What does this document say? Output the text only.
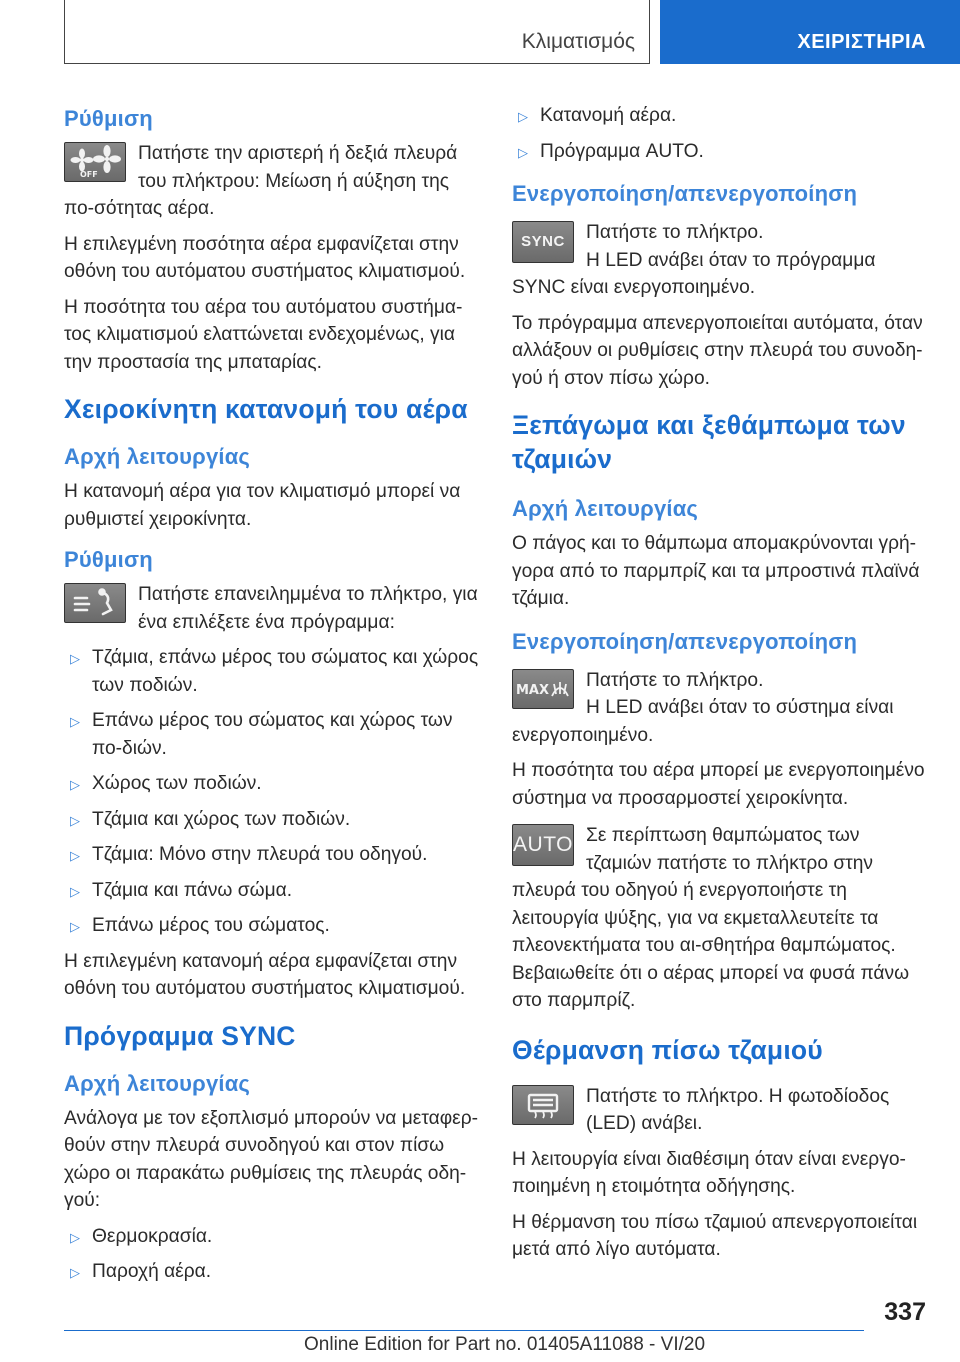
Κλιματισμός	ΧΕΙΡΙΣΤΗΡΙΑ
Ρύθμιση
OFF
Πατήστε την αριστερή ή δεξιά πλευρά του πλήκτρου: Μείωση ή αύξηση της πο-σότητας αέρα.

Η επιλεγμένη ποσότητα αέρα εμφανίζεται στην οθόνη του αυτόματου συστήματος κλιματισμού.

Η ποσότητα του αέρα του αυτόματου συστήμα-τος κλιματισμού ελαττώνεται ενδεχομένως, για την προστασία της μπαταρίας.

Χειροκίνητη κατανομή του αέρα
Αρχή λειτουργίας

Η κατανομή αέρα για τον κλιματισμό μπορεί να ρυθμιστεί χειροκίνητα.

Ρύθμιση
Πατήστε επανειλημμένα το πλήκτρο, για ένα επιλέξετε ένα πρόγραμμα:
▷ Τζάμια, επάνω μέρος του σώματος και χώρος των ποδιών.
▷ Επάνω μέρος του σώματος και χώρος των πο-διών.
▷ Χώρος των ποδιών.
▷ Τζάμια και χώρος των ποδιών.
▷ Τζάμια: Μόνο στην πλευρά του οδηγού.
▷ Τζάμια και πάνω σώμα.
▷ Επάνω μέρος του σώματος.

Η επιλεγμένη κατανομή αέρα εμφανίζεται στην οθόνη του αυτόματου συστήματος κλιματισμού.

Πρόγραμμα SYNC
Αρχή λειτουργίας

Ανάλογα με τον εξοπλισμό μπορούν να μεταφερ-θούν στην πλευρά συνοδηγού και στον πίσω χώρο οι παρακάτω ρυθμίσεις της πλευράς οδη-γού:

▷ Θερμοκρασία.
▷ Παροχή αέρα.
▷ Κατανομή αέρα.
▷ Πρόγραμμα AUTO.
Ενεργοποίηση/απενεργοποίηση
SYNC	Πατήστε το πλήκτρο.
Η LED ανάβει όταν το πρόγραμμα SYNC είναι ενεργοποιημένο.

Το πρόγραμμα απενεργοποιείται αυτόματα, όταν αλλάξουν οι ρυθμίσεις στην πλευρά του συνοδη-γού ή στον πίσω χώρο.

Ξεπάγωμα και ξεθάμπωμα των τζαμιών
Αρχή λειτουργίας

Ο πάγος και το θάμπωμα απομακρύνονται γρή-γορα από το παρμπρίζ και τα μπροστινά πλαϊνά τζάμια.

Ενεργοποίηση/απενεργοποίηση
MAX	Πατήστε το πλήκτρο.
Η LED ανάβει όταν το σύστημα είναι ενεργοποιημένο.

Η ποσότητα του αέρα μπορεί με ενεργοποιημένο σύστημα να προσαρμοστεί χειροκίνητα.

AUTO Σε περίπτωση θαμπώματος των τζαμιών πατήστε το πλήκτρο στην πλευρά του οδηγού ή ενεργοποιήστε τη λειτουργία ψύξης, για να εκμεταλλευτείτε τα πλεονεκτήματα του αι-σθητήρα θαμπώματος. Βεβαιωθείτε ότι ο αέρας μπορεί να φυσά πάνω στο παρμπρίζ.
Θέρμανση πίσω τζαμιού
Πατήστε το πλήκτρο. Η φωτοδίοδος (LED) ανάβει.

Η λειτουργία είναι διαθέσιμη όταν είναι ενεργο-ποιημένη η ετοιμότητα οδήγησης.

Η θέρμανση του πίσω τζαμιού απενεργοποιείται μετά από λίγο αυτόματα.

337
Online Edition for Part no. 01405A11088 - VI/20
